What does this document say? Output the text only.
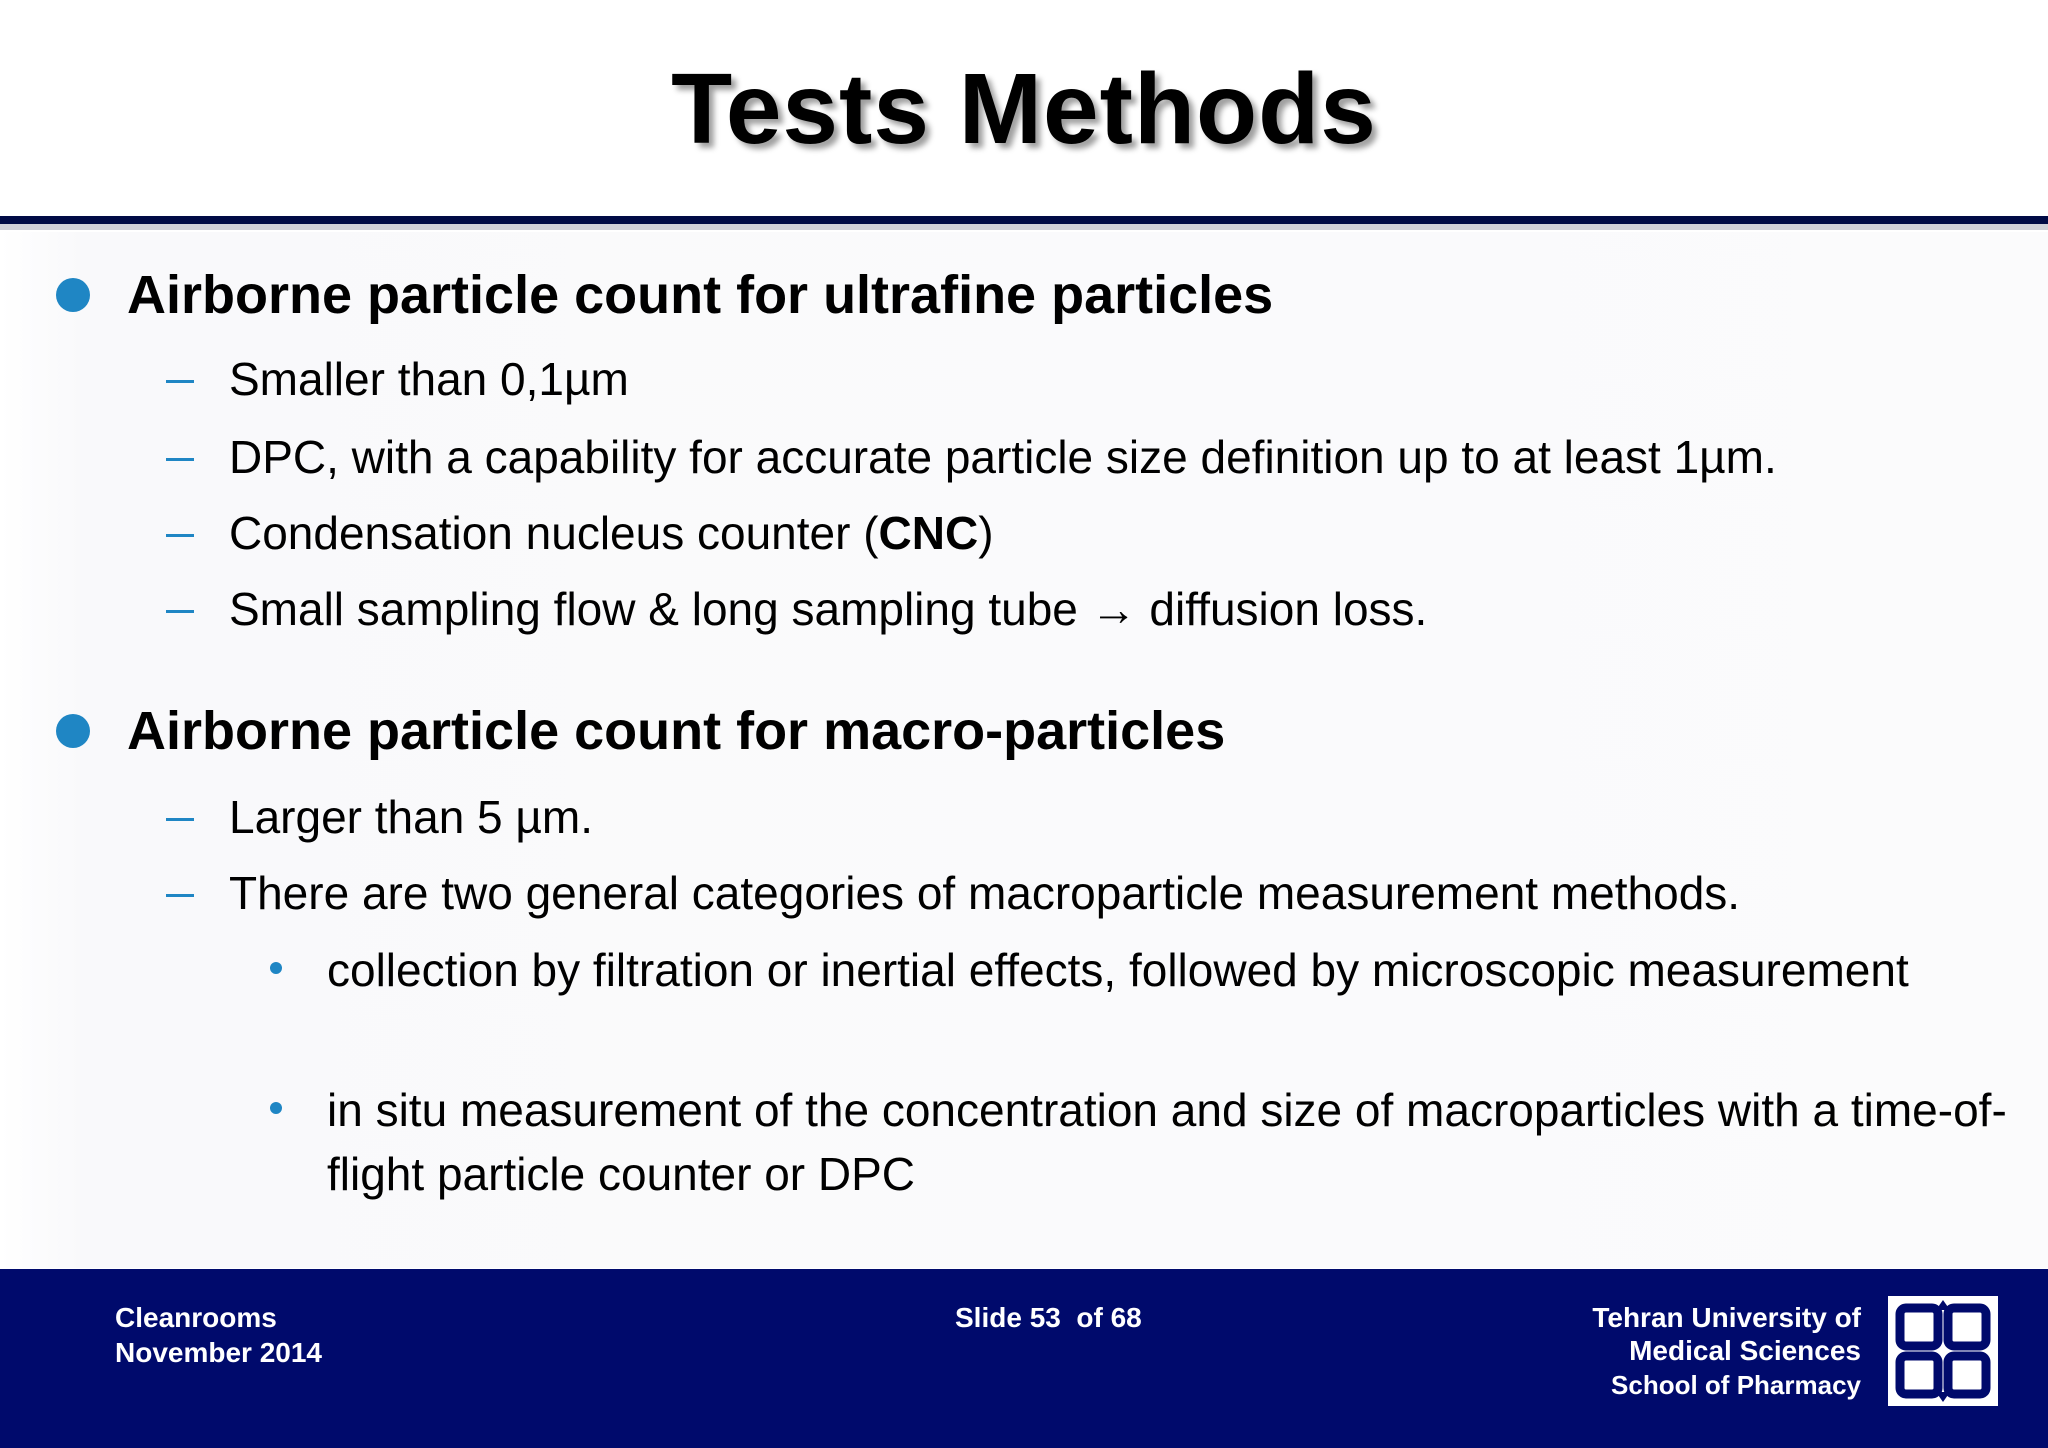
Tests Methods
Airborne particle count for ultrafine particles
Smaller than 0,1µm
DPC, with a capability for accurate particle size definition up to at least 1µm.
Condensation nucleus counter (CNC)
Small sampling flow & long sampling tube → diffusion loss.
Airborne particle count for macro-particles
Larger than 5 µm.
There are two general categories of macroparticle measurement methods.
collection by filtration or inertial effects, followed by microscopic measurement
in situ measurement of the concentration and size of macroparticles with a time-of-flight particle counter or DPC
Cleanrooms
November 2014
Slide 53  of 68	Tehran University of
Medical Sciences
School of Pharmacy
